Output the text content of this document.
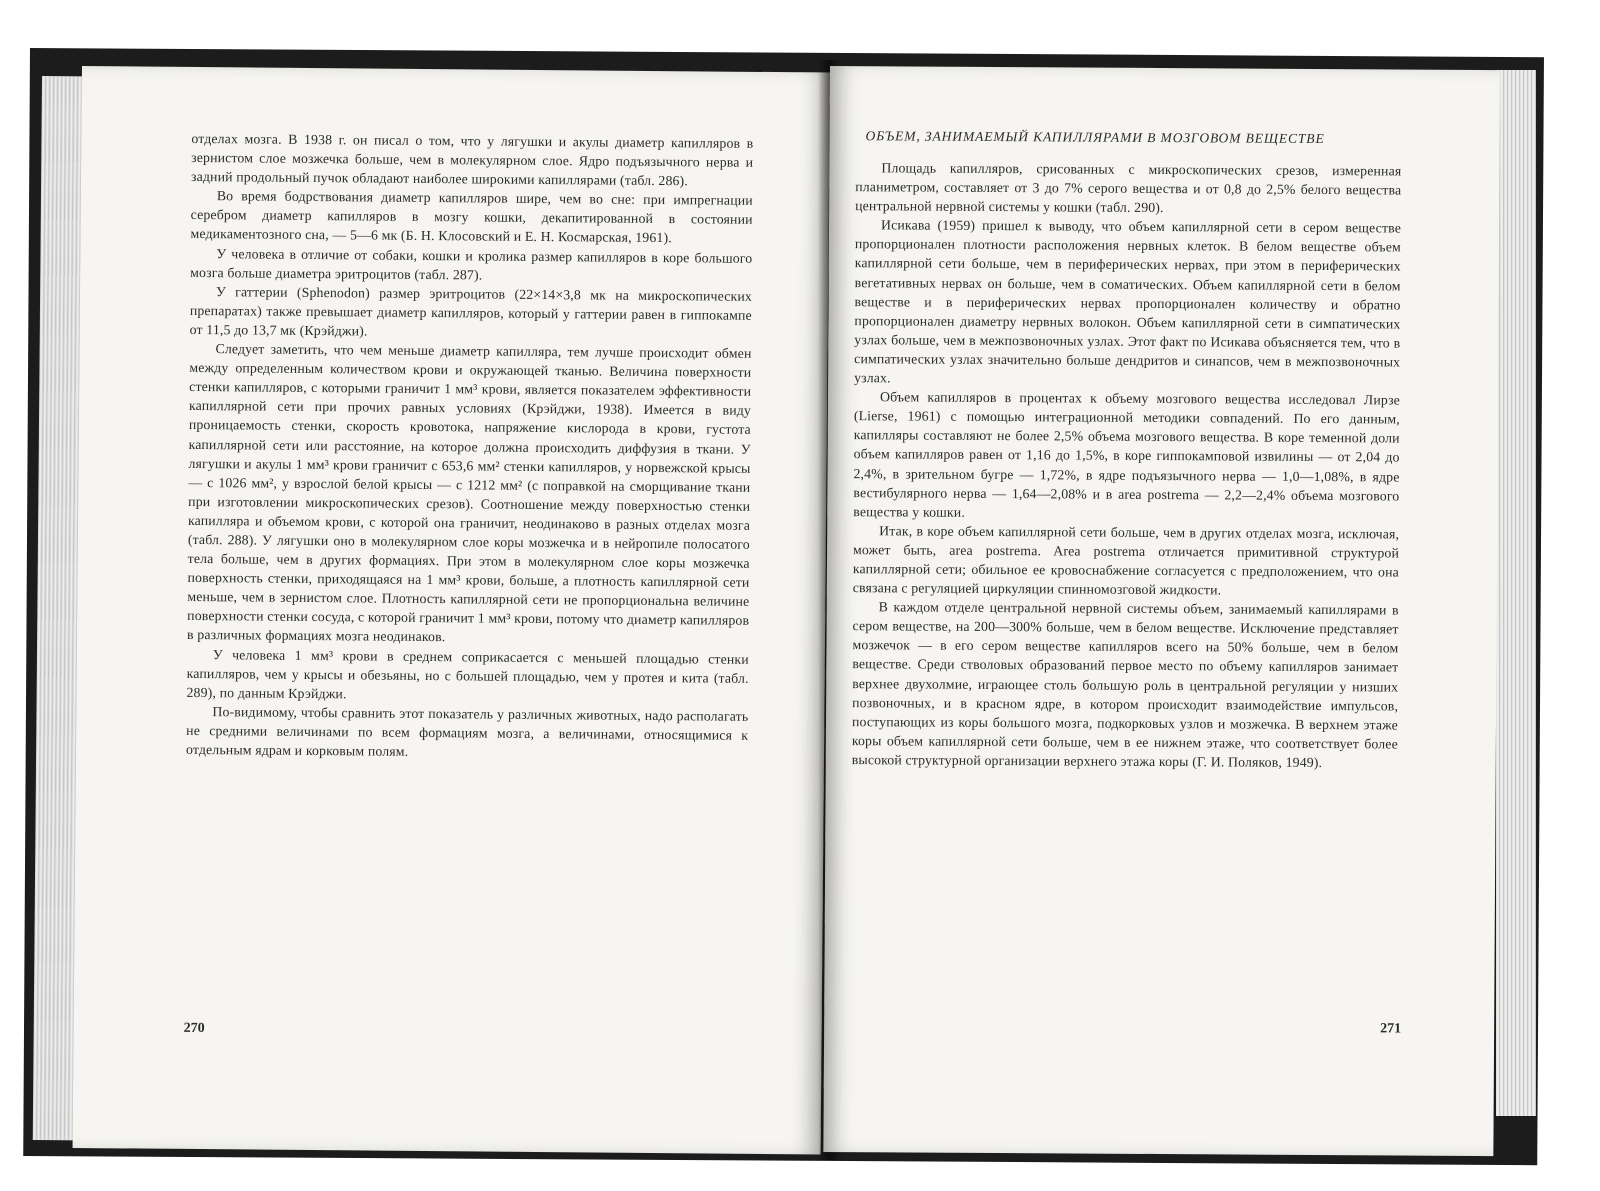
отделах мозга. В 1938 г. он писал о том, что у лягушки и акулы диаметр капилляров в зернистом слое мозжечка больше, чем в молекулярном слое. Ядро подъязычного нерва и задний продольный пучок обладают наиболее широкими капиллярами (табл. 286).

Во время бодрствования диаметр капилляров шире, чем во сне: при импрегнации серебром диаметр капилляров в мозгу кошки, декапитированной в состоянии медикаментозного сна, — 5—6 мк (Б. Н. Клосовский и Е. Н. Космарская, 1961).

У человека в отличие от собаки, кошки и кролика размер капилляров в коре большого мозга больше диаметра эритроцитов (табл. 287).

У гаттерии (Sphenodon) размер эритроцитов (22×14×3,8 мк на микроскопических препаратах) также превышает диаметр капилляров, который у гаттерии равен в гиппокампе от 11,5 до 13,7 мк (Крэйджи).

Следует заметить, что чем меньше диаметр капилляра, тем лучше происходит обмен между определенным количеством крови и окружающей тканью. Величина поверхности стенки капилляров, с которыми граничит 1 мм³ крови, является показателем эффективности капиллярной сети при прочих равных условиях (Крэйджи, 1938). Имеется в виду проницаемость стенки, скорость кровотока, напряжение кислорода в крови, густота капиллярной сети или расстояние, на которое должна происходить диффузия в ткани. У лягушки и акулы 1 мм³ крови граничит с 653,6 мм² стенки капилляров, у норвежской крысы — с 1026 мм², у взрослой белой крысы — с 1212 мм² (с поправкой на сморщивание ткани при изготовлении микроскопических срезов). Соотношение между поверхностью стенки капилляра и объемом крови, с которой она граничит, неодинаково в разных отделах мозга (табл. 288). У лягушки оно в молекулярном слое коры мозжечка и в нейропиле полосатого тела больше, чем в других формациях. При этом в молекулярном слое коры мозжечка поверхность стенки, приходящаяся на 1 мм³ крови, больше, а плотность капиллярной сети меньше, чем в зернистом слое. Плотность капиллярной сети не пропорциональна величине поверхности стенки сосуда, с которой граничит 1 мм³ крови, потому что диаметр капилляров в различных формациях мозга неодинаков.

У человека 1 мм³ крови в среднем соприкасается с меньшей площадью стенки капилляров, чем у крысы и обезьяны, но с большей площадью, чем у протея и кита (табл. 289), по данным Крэйджи.

По-видимому, чтобы сравнить этот показатель у различных животных, надо располагать не средними величинами по всем формациям мозга, а величинами, относящимися к отдельным ядрам и корковым полям.

270
ОБЪЕМ, ЗАНИМАЕМЫЙ КАПИЛЛЯРАМИ В МОЗГОВОМ ВЕЩЕСТВЕ

Площадь капилляров, срисованных с микроскопических срезов, измеренная планиметром, составляет от 3 до 7% серого вещества и от 0,8 до 2,5% белого вещества центральной нервной системы у кошки (табл. 290).

Исикава (1959) пришел к выводу, что объем капиллярной сети в сером веществе пропорционален плотности расположения нервных клеток. В белом веществе объем капиллярной сети больше, чем в периферических нервах, при этом в периферических вегетативных нервах он больше, чем в соматических. Объем капиллярной сети в белом веществе и в периферических нервах пропорционален количеству и обратно пропорционален диаметру нервных волокон. Объем капиллярной сети в симпатических узлах больше, чем в межпозвоночных узлах. Этот факт по Исикава объясняется тем, что в симпатических узлах значительно больше дендритов и синапсов, чем в межпозвоночных узлах.

Объем капилляров в процентах к объему мозгового вещества исследовал Лирзе (Lierse, 1961) с помощью интеграционной методики совпадений. По его данным, капилляры составляют не более 2,5% объема мозгового вещества. В коре теменной доли объем капилляров равен от 1,16 до 1,5%, в коре гиппокамповой извилины — от 2,04 до 2,4%, в зрительном бугре — 1,72%, в ядре подъязычного нерва — 1,0—1,08%, в ядре вестибулярного нерва — 1,64—2,08% и в area postrema — 2,2—2,4% объема мозгового вещества у кошки.

Итак, в коре объем капиллярной сети больше, чем в других отделах мозга, исключая, может быть, area postrema. Area postrema отличается примитивной структурой капиллярной сети; обильное ее кровоснабжение согласуется с предположением, что она связана с регуляцией циркуляции спинномозговой жидкости.

В каждом отделе центральной нервной системы объем, занимаемый капиллярами в сером веществе, на 200—300% больше, чем в белом веществе. Исключение представляет мозжечок — в его сером веществе капилляров всего на 50% больше, чем в белом веществе. Среди стволовых образований первое место по объему капилляров занимает верхнее двухолмие, играющее столь большую роль в центральной регуляции у низших позвоночных, и в красном ядре, в котором происходит взаимодействие импульсов, поступающих из коры большого мозга, подкорковых узлов и мозжечка. В верхнем этаже коры объем капиллярной сети больше, чем в ее нижнем этаже, что соответствует более высокой структурной организации верхнего этажа коры (Г. И. Поляков, 1949).

271
